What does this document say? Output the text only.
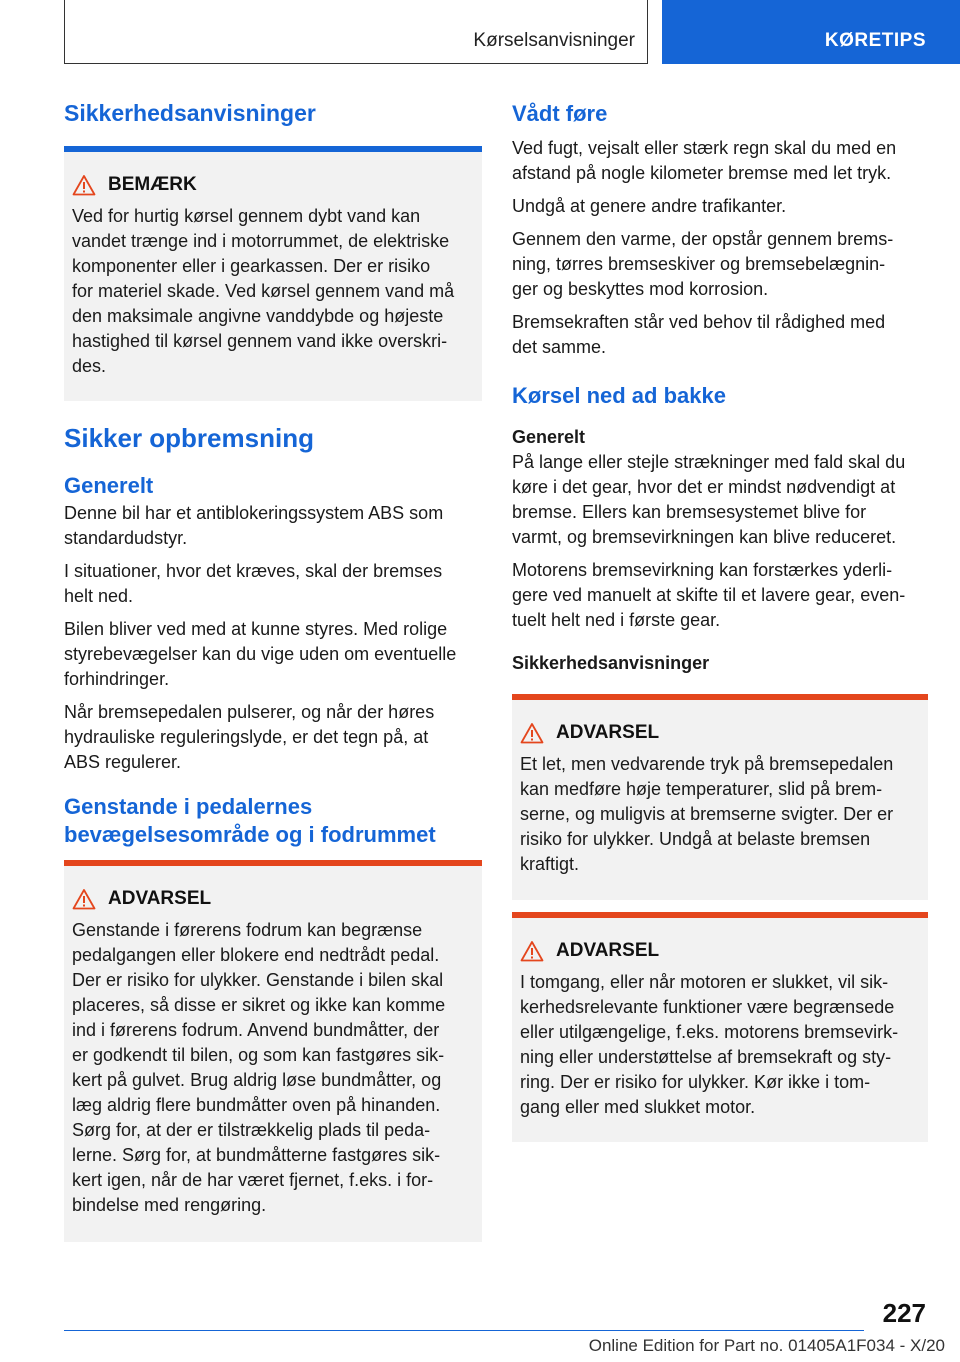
Kørselsanvisninger	KØRETIPS
Sikkerhedsanvisninger
BEMÆRK

Ved for hurtig kørsel gennem dybt vand kan

vandet trænge ind i motorrummet, de elektriske

komponenter eller i gearkassen. Der er risiko

for materiel skade. Ved kørsel gennem vand må

den maksimale angivne vanddybde og højeste

hastighed til kørsel gennem vand ikke overskri-

des.

Sikker opbremsning
Generelt

Denne bil har et antiblokeringssystem ABS som

standardudstyr.

I situationer, hvor det kræves, skal der bremses

helt ned.

Bilen bliver ved med at kunne styres. Med rolige

styrebevægelser kan du vige uden om eventuelle

forhindringer.

Når bremsepedalen pulserer, og når der høres

hydrauliske reguleringslyde, er det tegn på, at

ABS regulerer.

Genstande i pedalernes
bevægelsesområde og i fodrummet
ADVARSEL

Genstande i førerens fodrum kan begrænse

pedalgangen eller blokere end nedtrådt pedal.

Der er risiko for ulykker. Genstande i bilen skal

placeres, så disse er sikret og ikke kan komme

ind i førerens fodrum. Anvend bundmåtter, der

er godkendt til bilen, og som kan fastgøres sik-

kert på gulvet. Brug aldrig løse bundmåtter, og

læg aldrig flere bundmåtter oven på hinanden.

Sørg for, at der er tilstrækkelig plads til peda-

lerne. Sørg for, at bundmåtterne fastgøres sik-

kert igen, når de har været fjernet, f.eks. i for-

bindelse med rengøring.

Vådt føre

Ved fugt, vejsalt eller stærk regn skal du med en

afstand på nogle kilometer bremse med let tryk.

Undgå at genere andre trafikanter.

Gennem den varme, der opstår gennem brems-

ning, tørres bremseskiver og bremsebelægnin-

ger og beskyttes mod korrosion.

Bremsekraften står ved behov til rådighed med

det samme.

Kørsel ned ad bakke
Generelt

På lange eller stejle strækninger med fald skal du

køre i det gear, hvor det er mindst nødvendigt at

bremse. Ellers kan bremsesystemet blive for

varmt, og bremsevirkningen kan blive reduceret.

Motorens bremsevirkning kan forstærkes yderli-

gere ved manuelt at skifte til et lavere gear, even-

tuelt helt ned i første gear.

Sikkerhedsanvisninger
ADVARSEL

Et let, men vedvarende tryk på bremsepedalen

kan medføre høje temperaturer, slid på brem-

serne, og muligvis at bremserne svigter. Der er

risiko for ulykker. Undgå at belaste bremsen

kraftigt.

ADVARSEL

I tomgang, eller når motoren er slukket, vil sik-

kerhedsrelevante funktioner være begrænsede

eller utilgængelige, f.eks. motorens bremsevirk-

ning eller understøttelse af bremsekraft og sty-

ring. Der er risiko for ulykker. Kør ikke i tom-

gang eller med slukket motor.

227
Online Edition for Part no. 01405A1F034 - X/20
